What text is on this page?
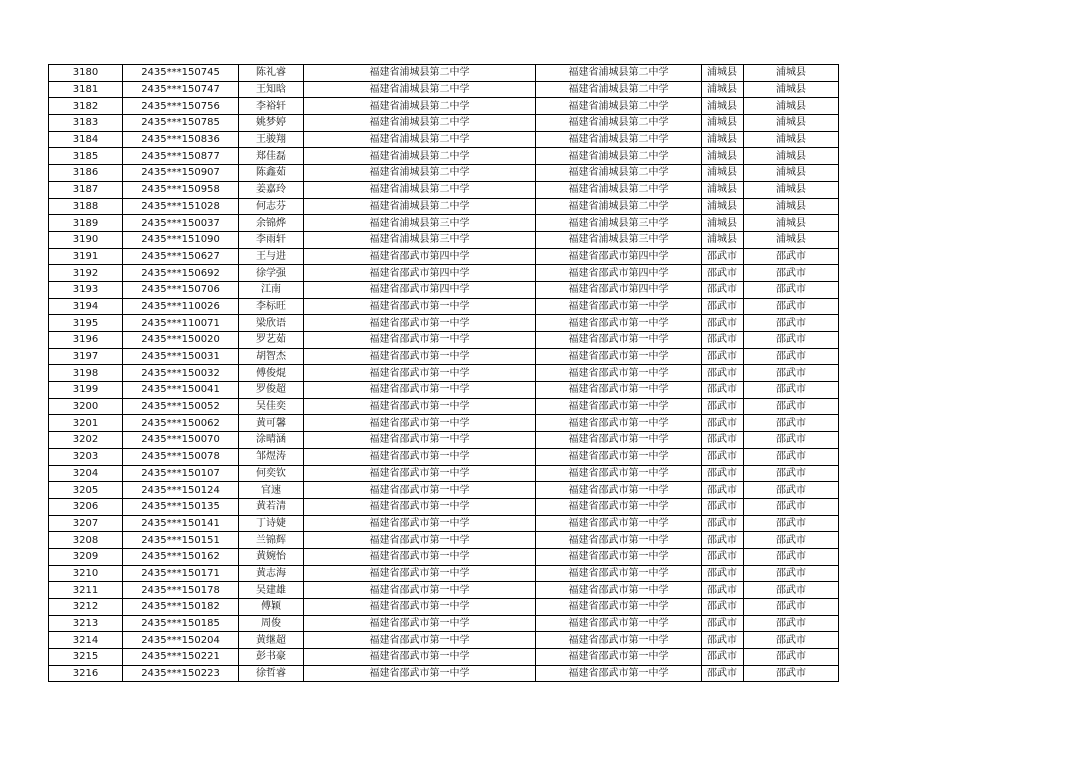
3180	2435***150745	陈礼睿	福建省浦城县第二中学	福建省浦城县第二中学	浦城县	浦城县
3181	2435***150747	王知晗	福建省浦城县第二中学	福建省浦城县第二中学	浦城县	浦城县
3182	2435***150756	李裕轩	福建省浦城县第二中学	福建省浦城县第二中学	浦城县	浦城县
3183	2435***150785	姚梦婷	福建省浦城县第二中学	福建省浦城县第二中学	浦城县	浦城县
3184	2435***150836	王骏翔	福建省浦城县第二中学	福建省浦城县第二中学	浦城县	浦城县
3185	2435***150877	郑佳磊	福建省浦城县第二中学	福建省浦城县第二中学	浦城县	浦城县
3186	2435***150907	陈鑫茹	福建省浦城县第二中学	福建省浦城县第二中学	浦城县	浦城县
3187	2435***150958	姜嘉玲	福建省浦城县第二中学	福建省浦城县第二中学	浦城县	浦城县
3188	2435***151028	何志芬	福建省浦城县第二中学	福建省浦城县第二中学	浦城县	浦城县
3189	2435***150037	余锦烨	福建省浦城县第三中学	福建省浦城县第三中学	浦城县	浦城县
3190	2435***151090	李雨轩	福建省浦城县第三中学	福建省浦城县第三中学	浦城县	浦城县
3191	2435***150627	王与进	福建省邵武市第四中学	福建省邵武市第四中学	邵武市	邵武市
3192	2435***150692	徐学强	福建省邵武市第四中学	福建省邵武市第四中学	邵武市	邵武市
3193	2435***150706	江南	福建省邵武市第四中学	福建省邵武市第四中学	邵武市	邵武市
3194	2435***110026	李标旺	福建省邵武市第一中学	福建省邵武市第一中学	邵武市	邵武市
3195	2435***110071	梁欣语	福建省邵武市第一中学	福建省邵武市第一中学	邵武市	邵武市
3196	2435***150020	罗艺茹	福建省邵武市第一中学	福建省邵武市第一中学	邵武市	邵武市
3197	2435***150031	胡智杰	福建省邵武市第一中学	福建省邵武市第一中学	邵武市	邵武市
3198	2435***150032	傅俊焜	福建省邵武市第一中学	福建省邵武市第一中学	邵武市	邵武市
3199	2435***150041	罗俊超	福建省邵武市第一中学	福建省邵武市第一中学	邵武市	邵武市
3200	2435***150052	吴佳奕	福建省邵武市第一中学	福建省邵武市第一中学	邵武市	邵武市
3201	2435***150062	黄可馨	福建省邵武市第一中学	福建省邵武市第一中学	邵武市	邵武市
3202	2435***150070	涂晴涵	福建省邵武市第一中学	福建省邵武市第一中学	邵武市	邵武市
3203	2435***150078	邹煜涛	福建省邵武市第一中学	福建省邵武市第一中学	邵武市	邵武市
3204	2435***150107	何奕钦	福建省邵武市第一中学	福建省邵武市第一中学	邵武市	邵武市
3205	2435***150124	官速	福建省邵武市第一中学	福建省邵武市第一中学	邵武市	邵武市
3206	2435***150135	黄若清	福建省邵武市第一中学	福建省邵武市第一中学	邵武市	邵武市
3207	2435***150141	丁诗婕	福建省邵武市第一中学	福建省邵武市第一中学	邵武市	邵武市
3208	2435***150151	兰锦辉	福建省邵武市第一中学	福建省邵武市第一中学	邵武市	邵武市
3209	2435***150162	黄婉怡	福建省邵武市第一中学	福建省邵武市第一中学	邵武市	邵武市
3210	2435***150171	黄志海	福建省邵武市第一中学	福建省邵武市第一中学	邵武市	邵武市
3211	2435***150178	吴建雄	福建省邵武市第一中学	福建省邵武市第一中学	邵武市	邵武市
3212	2435***150182	傅颖	福建省邵武市第一中学	福建省邵武市第一中学	邵武市	邵武市
3213	2435***150185	周俊	福建省邵武市第一中学	福建省邵武市第一中学	邵武市	邵武市
3214	2435***150204	黄继超	福建省邵武市第一中学	福建省邵武市第一中学	邵武市	邵武市
3215	2435***150221	彭书豪	福建省邵武市第一中学	福建省邵武市第一中学	邵武市	邵武市
3216	2435***150223	徐哲睿	福建省邵武市第一中学	福建省邵武市第一中学	邵武市	邵武市
